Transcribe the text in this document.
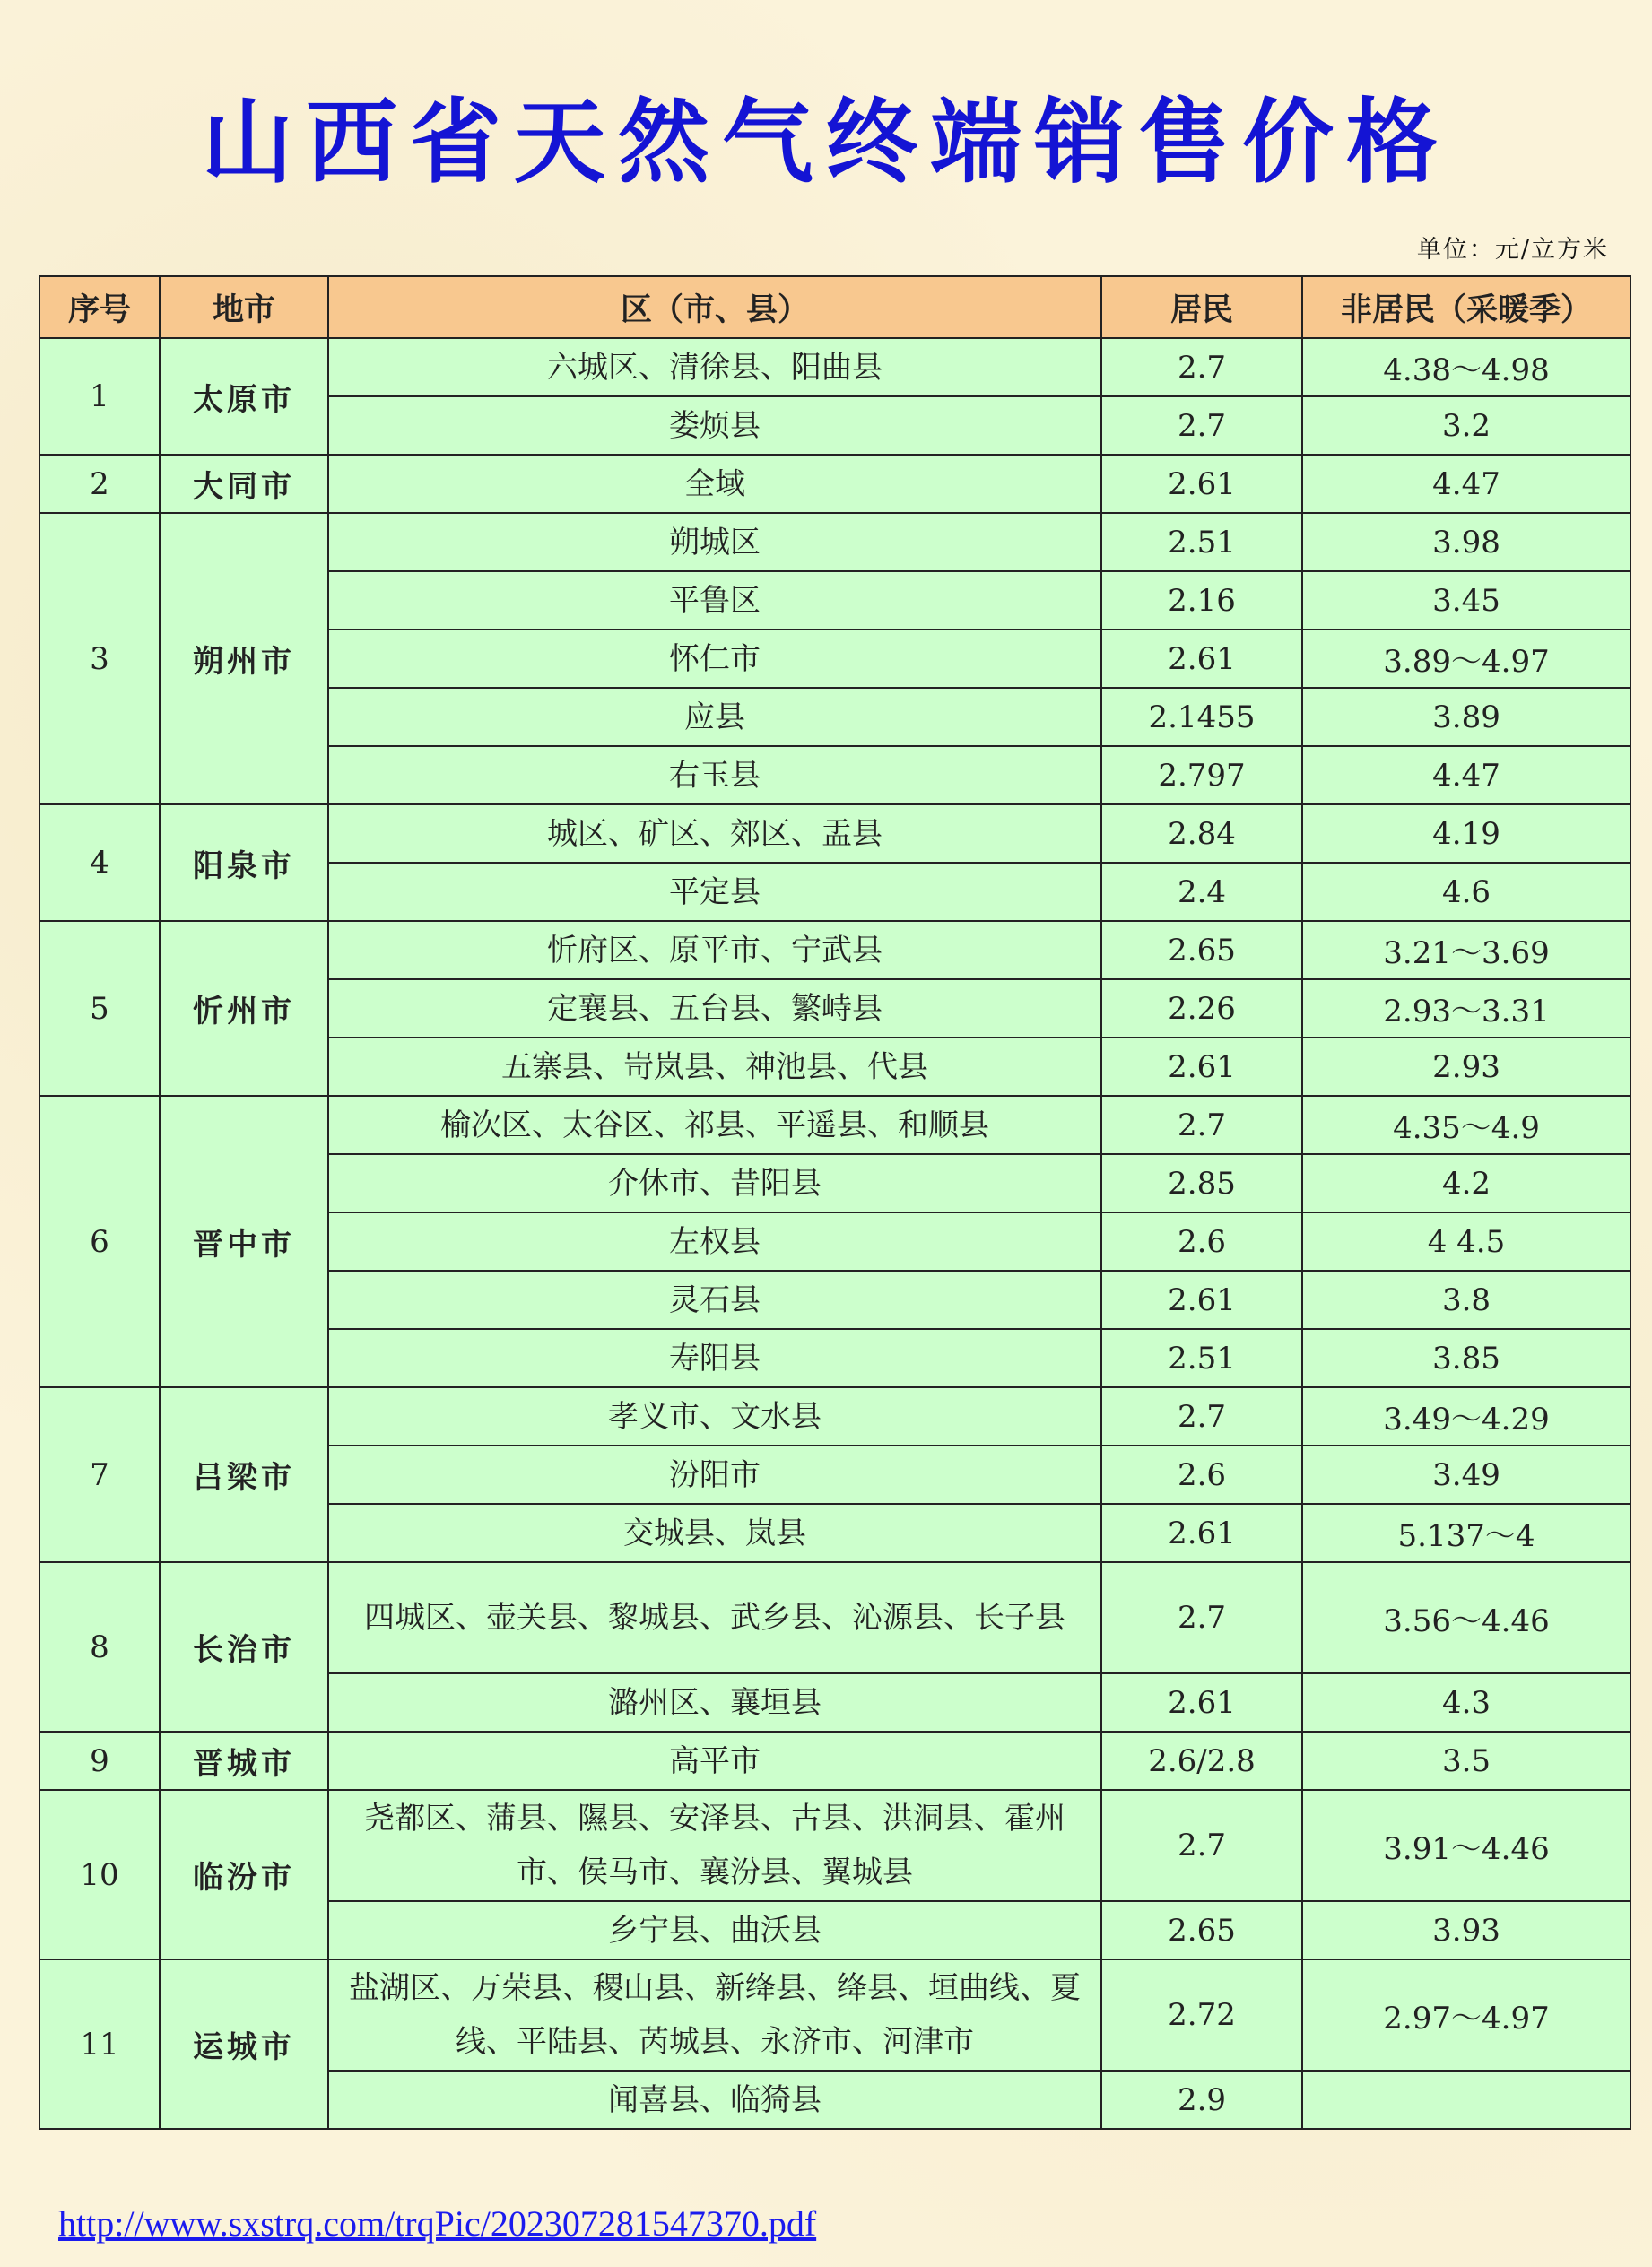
山西省天然气终端销售价格
单位：元/立方米
序号	地市	区（市、县）	居民	非居民（采暖季）
1	太原市	六城区、清徐县、阳曲县	2.7	4.38～4.98
		娄烦县	2.7	3.2
2	大同市	全域	2.61	4.47
3	朔州市	朔城区	2.51	3.98
		平鲁区	2.16	3.45
		怀仁市	2.61	3.89～4.97
		应县	2.1455	3.89
		右玉县	2.797	4.47
4	阳泉市	城区、矿区、郊区、盂县	2.84	4.19
		平定县	2.4	4.6
5	忻州市	忻府区、原平市、宁武县	2.65	3.21～3.69
		定襄县、五台县、繁峙县	2.26	2.93～3.31
		五寨县、岢岚县、神池县、代县	2.61	2.93
6	晋中市	榆次区、太谷区、祁县、平遥县、和顺县	2.7	4.35～4.9
		介休市、昔阳县	2.85	4.2
		左权县	2.6	4 4.5
		灵石县	2.61	3.8
		寿阳县	2.51	3.85
7	吕梁市	孝义市、文水县	2.7	3.49～4.29
		汾阳市	2.6	3.49
		交城县、岚县	2.61	5.137～4
8	长治市	四城区、壶关县、黎城县、武乡县、沁源县、长子县	2.7	3.56～4.46
		潞州区、襄垣县	2.61	4.3
9	晋城市	高平市	2.6/2.8	3.5
10	临汾市	尧都区、蒲县、隰县、安泽县、古县、洪洞县、霍州市、侯马市、襄汾县、翼城县	2.7	3.91～4.46
		乡宁县、曲沃县	2.65	3.93
11	运城市	盐湖区、万荣县、稷山县、新绛县、绛县、垣曲线、夏线、平陆县、芮城县、永济市、河津市	2.72	2.97～4.97
		闻喜县、临猗县	2.9	
http://www.sxstrq.com/trqPic/202307281547370.pdf
